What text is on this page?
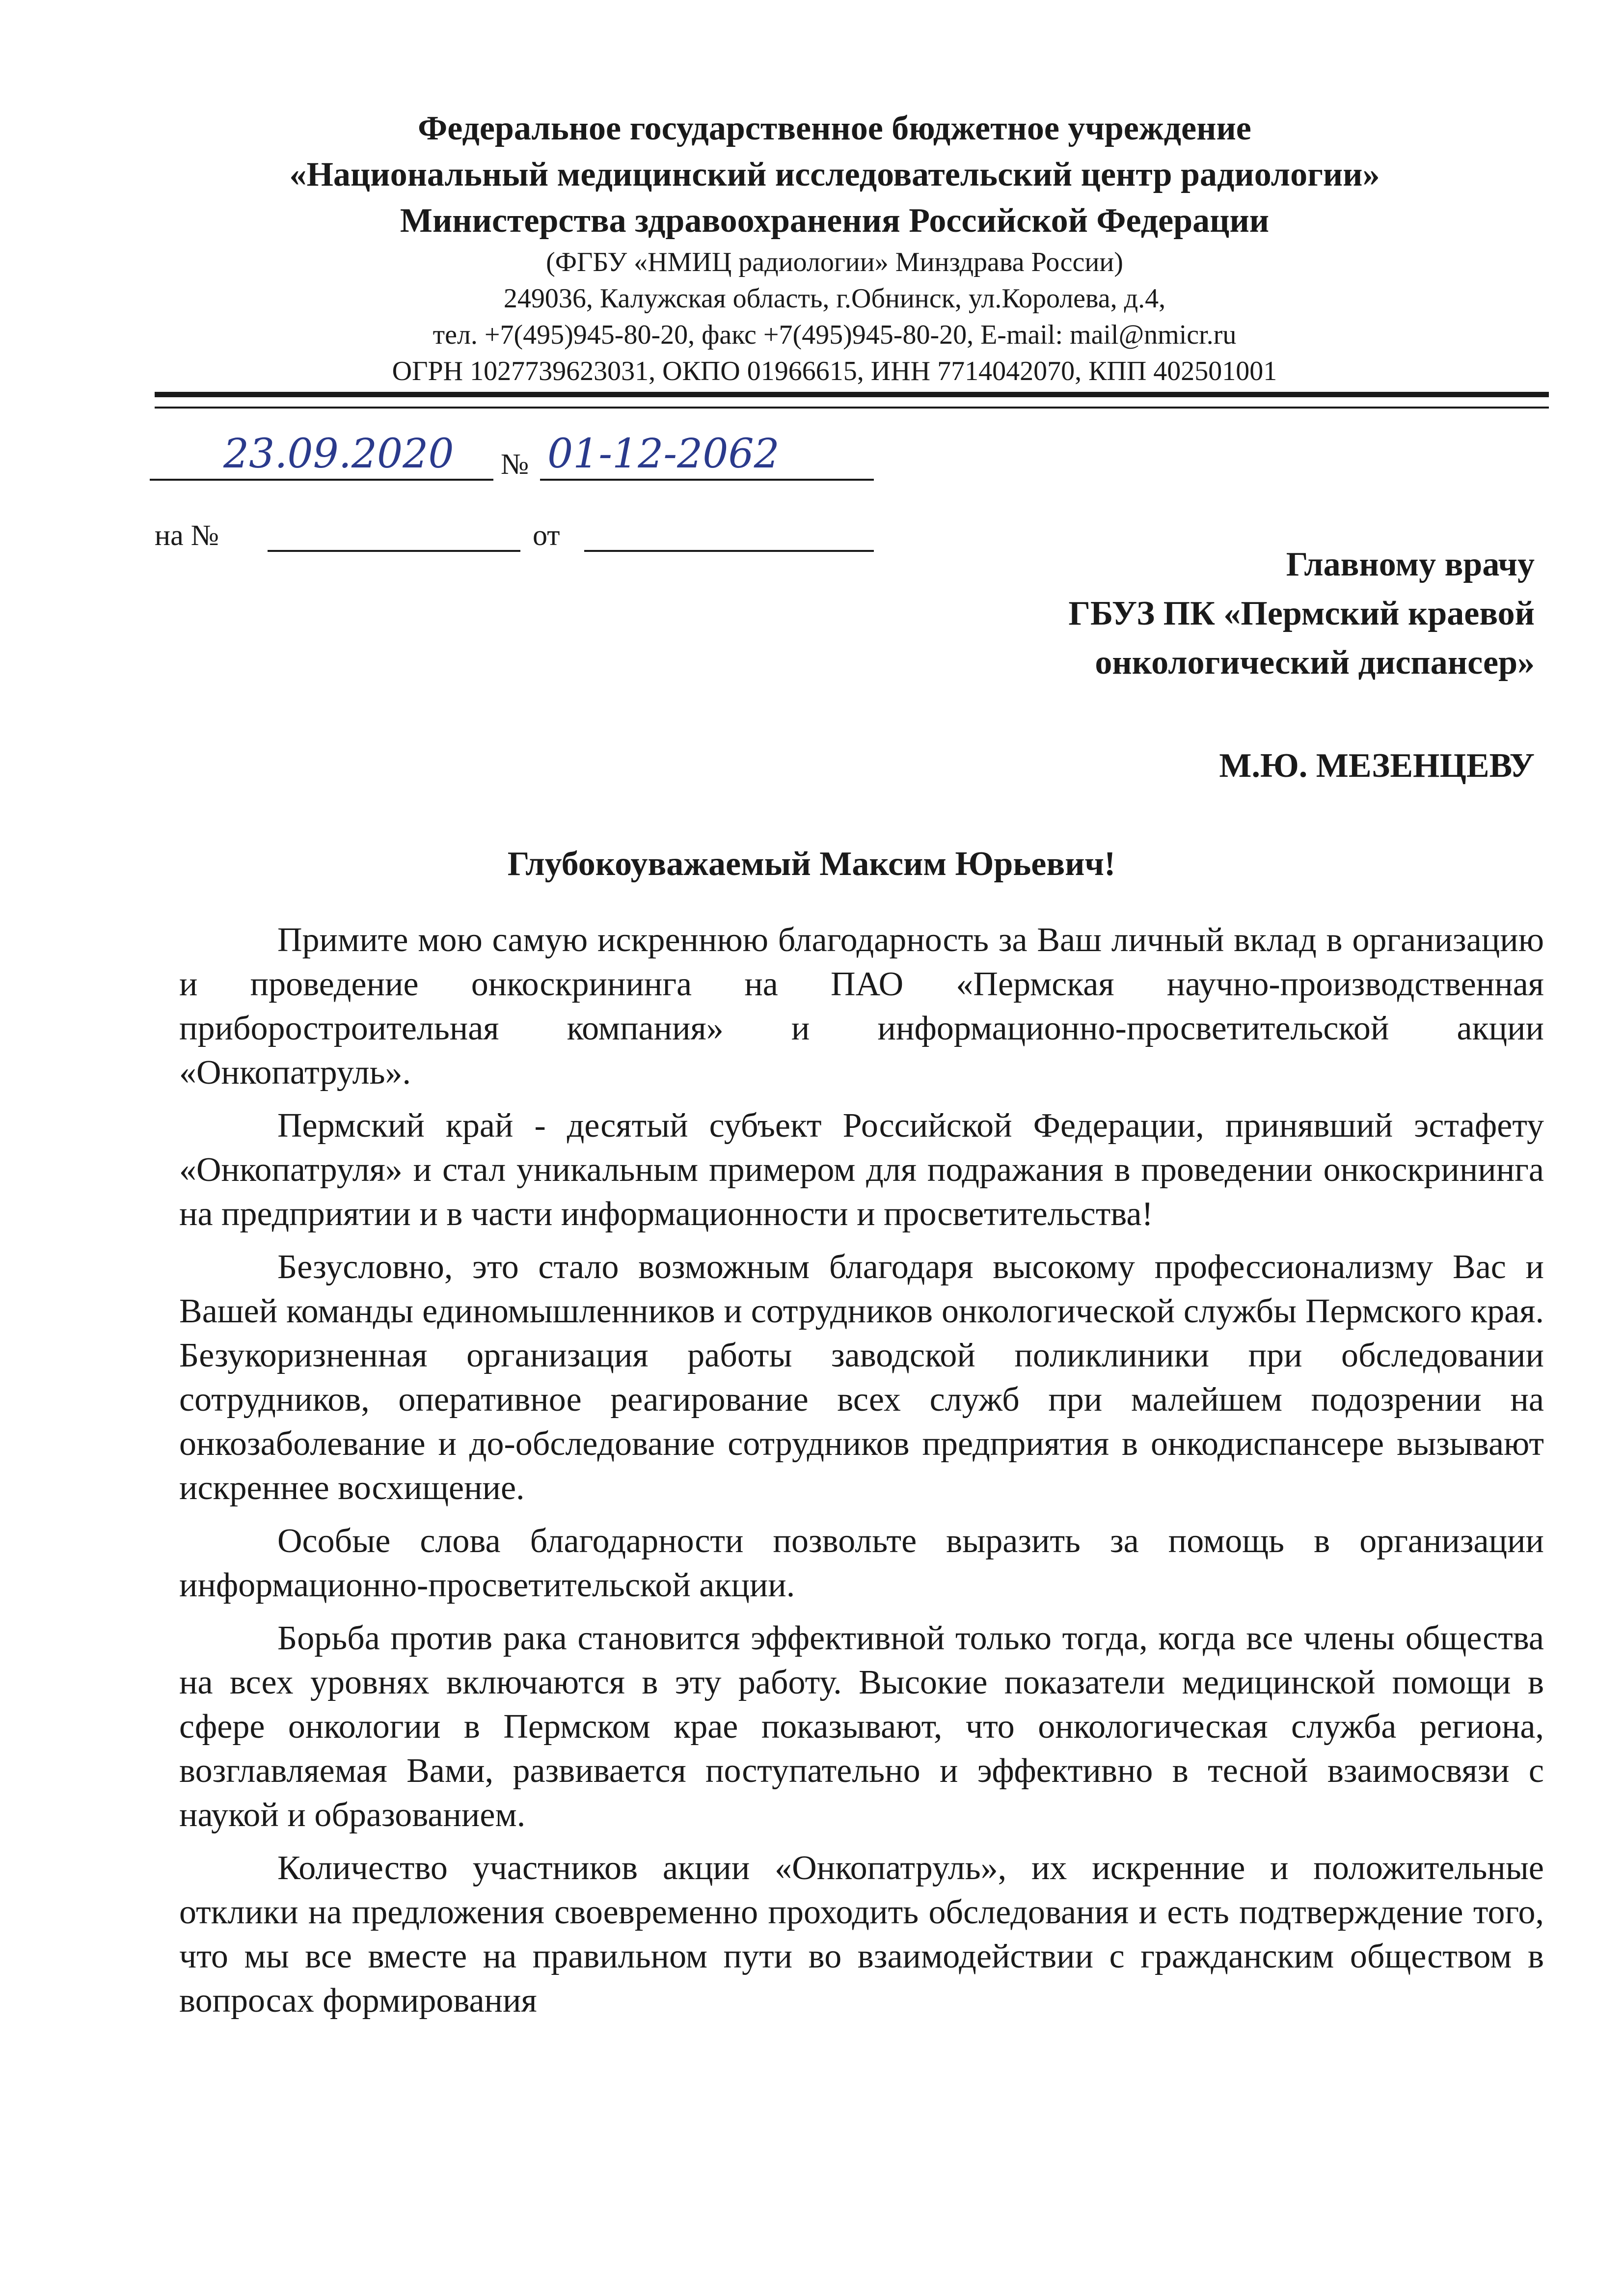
Федеральное государственное бюджетное учреждение
«Национальный медицинский исследовательский центр радиологии»
Министерства здравоохранения Российской Федерации
(ФГБУ «НМИЦ радиологии» Минздрава России)
249036, Калужская область, г.Обнинск, ул.Королева, д.4,
тел. +7(495)945-80-20, факс +7(495)945-80-20, E-mail: mail@nmicr.ru
ОГРН 1027739623031, ОКПО 01966615, ИНН 7714042070, КПП 402501001
23.09.2020 № 01-12-2062
на №	от
Главному врачу
ГБУЗ ПК «Пермский краевой
онкологический диспансер»
М.Ю. МЕЗЕНЦЕВУ
Глубокоуважаемый Максим Юрьевич!

Примите мою самую искреннюю благодарность за Ваш личный вклад в организацию и проведение онкоскрининга на ПАО «Пермская научно-производственная приборостроительная компания» и информационно-просветительской акции «Онкопатруль».

Пермский край - десятый субъект Российской Федерации, принявший эстафету «Онкопатруля» и стал уникальным примером для подражания в проведении онкоскрининга на предприятии и в части информационности и просветительства!

Безусловно, это стало возможным благодаря высокому профессионализму Вас и Вашей команды единомышленников и сотрудников онкологической службы Пермского края. Безукоризненная организация работы заводской поликлиники при обследовании сотрудников, оперативное реагирование всех служб при малейшем подозрении на онкозаболевание и до-обследование сотрудников предприятия в онкодиспансере вызывают искреннее восхищение.

Особые слова благодарности позвольте выразить за помощь в организации информационно-просветительской акции.

Борьба против рака становится эффективной только тогда, когда все члены общества на всех уровнях включаются в эту работу. Высокие показатели медицинской помощи в сфере онкологии в Пермском крае показывают, что онкологическая служба региона, возглавляемая Вами, развивается поступательно и эффективно в тесной взаимосвязи с наукой и образованием.

Количество участников акции «Онкопатруль», их искренние и положительные отклики на предложения своевременно проходить обследования и есть подтверждение того, что мы все вместе на правильном пути во взаимодействии с гражданским обществом в вопросах формирования
